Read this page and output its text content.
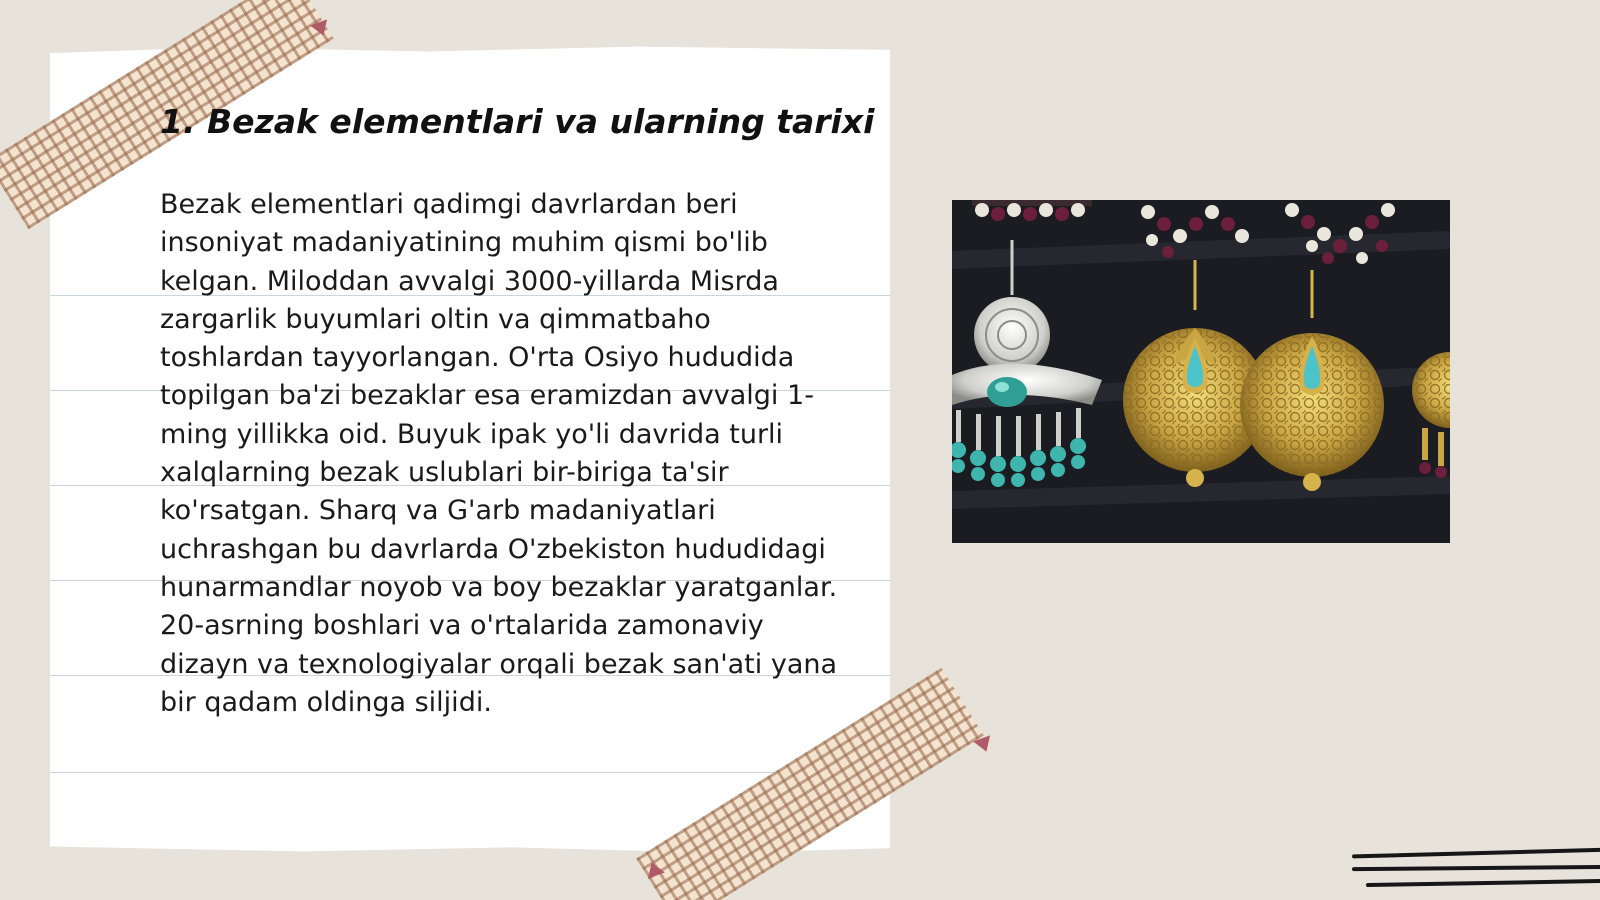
1. Bezak elementlari va ularning tarixi

Bezak elementlari qadimgi davrlardan beri insoniyat madaniyatining muhim qismi bo'lib kelgan. Miloddan avvalgi 3000-yillarda Misrda zargarlik buyumlari oltin va qimmatbaho toshlardan tayyorlangan. O'rta Osiyo hududida topilgan ba'zi bezaklar esa eramizdan avvalgi 1-ming yillikka oid. Buyuk ipak yo'li davrida turli xalqlarning bezak uslublari bir-biriga ta'sir ko'rsatgan. Sharq va G'arb madaniyatlari uchrashgan bu davrlarda O'zbekiston hududidagi hunarmandlar noyob va boy bezaklar yaratganlar. 20-asrning boshlari va o'rtalarida zamonaviy dizayn va texnologiyalar orqali bezak san'ati yana bir qadam oldinga siljidi.
